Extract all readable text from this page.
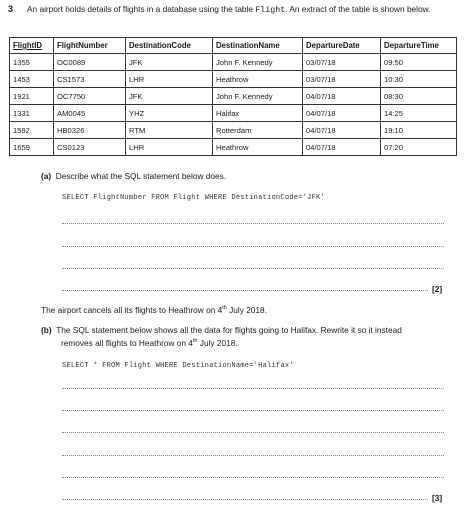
3 An airport holds details of flights in a database using the table Flight. An extract of the table is shown below.
FlightID	FlightNumber	DestinationCode	DestinationName	DepartureDate	DepartureTime
1355	OC0089	JFK	John F. Kennedy	03/07/18	09:50
1453	CS1573	LHR	Heathrow	03/07/18	10:30
1921	OC7750	JFK	John F. Kennedy	04/07/18	08:30
1331	AM0045	YHZ	Halifax	04/07/18	14:25
1592	HB0326	RTM	Rotterdam	04/07/18	19:10
1659	CS0123	LHR	Heathrow	04/07/18	07:20
(a) Describe what the SQL statement below does.
SELECT FlightNumber FROM Flight WHERE DestinationCode='JFK'
[2]
The airport cancels all its flights to Heathrow on 4th July 2018.
(b) The SQL statement below shows all the data for flights going to Halifax. Rewrite it so it instead
removes all flights to Heathrow on 4th July 2018.
SELECT * FROM Flight WHERE DestinationName='Halifax'
[3]
